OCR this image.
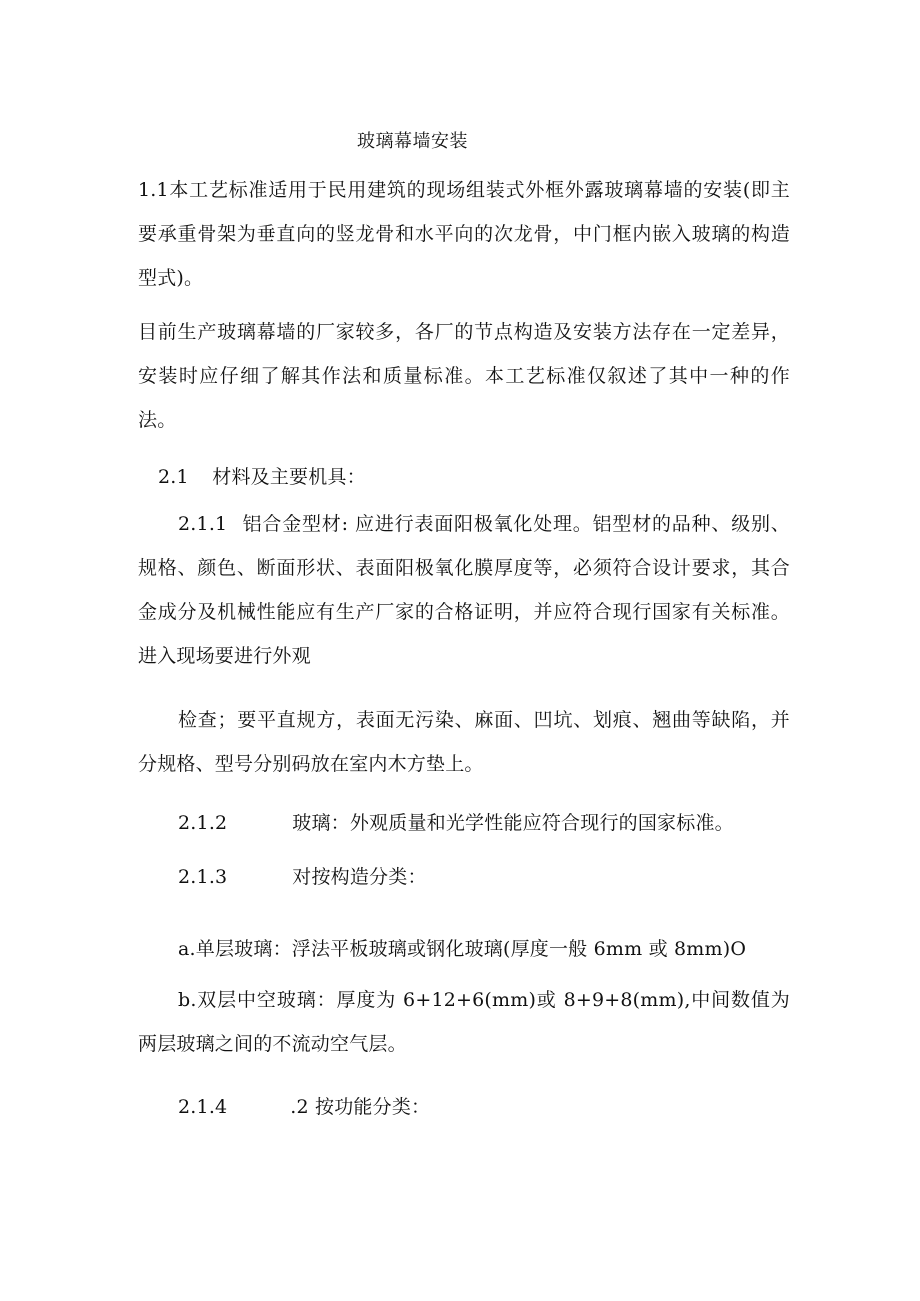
玻璃幕墙安装
1.1本工艺标准适用于民用建筑的现场组装式外框外露玻璃幕墙的安装(即主要承重骨架为垂直向的竖龙骨和水平向的次龙骨，中门框内嵌入玻璃的构造型式)。
目前生产玻璃幕墙的厂家较多，各厂的节点构造及安装方法存在一定差异，安装时应仔细了解其作法和质量标准。本工艺标准仅叙述了其中一种的作法。
2.1 材料及主要机具：
2.1.1 铝合金型材: 应进行表面阳极氧化处理。铝型材的品种、级别、规格、颜色、断面形状、表面阳极氧化膜厚度等，必须符合设计要求，其合金成分及机械性能应有生产厂家的合格证明，并应符合现行国家有关标准。进入现场要进行外观
检查；要平直规方，表面无污染、麻面、凹坑、划痕、翘曲等缺陷，并分规格、型号分别码放在室内木方垫上。
2.1.2	玻璃：外观质量和光学性能应符合现行的国家标准。
2.1.3	对按构造分类：
a.单层玻璃：浮法平板玻璃或钢化玻璃(厚度一般 6mm 或 8mm)O
b.双层中空玻璃：厚度为 6+12+6(mm)或 8+9+8(mm),中间数值为两层玻璃之间的不流动空气层。
2.1.4	.2 按功能分类：
